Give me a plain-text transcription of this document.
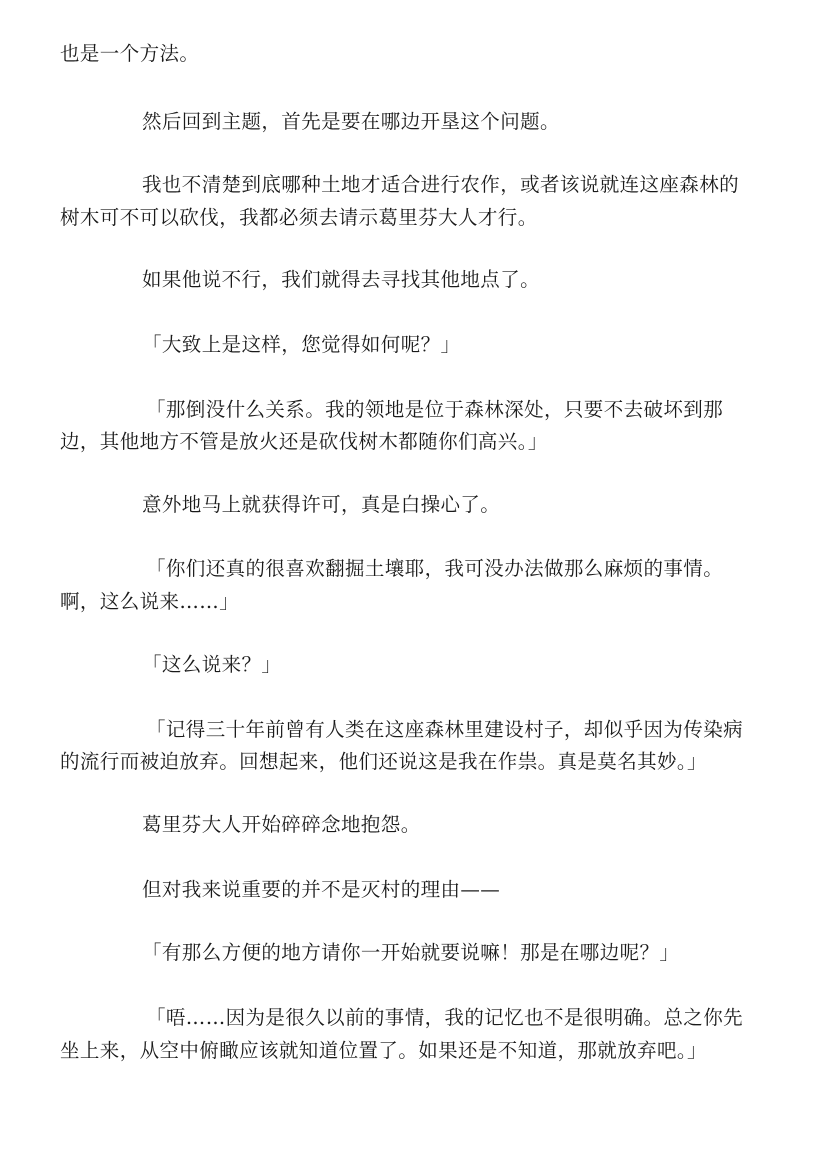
也是一个方法。
然后回到主题，首先是要在哪边开垦这个问题。
我也不清楚到底哪种土地才适合进行农作，或者该说就连这座森林的
树木可不可以砍伐，我都必须去请示葛里芬大人才行。
如果他说不行，我们就得去寻找其他地点了。
「大致上是这样，您觉得如何呢？」
「那倒没什么关系。我的领地是位于森林深处，只要不去破坏到那
边，其他地方不管是放火还是砍伐树木都随你们高兴。」
意外地马上就获得许可，真是白操心了。
「你们还真的很喜欢翻掘土壤耶，我可没办法做那么麻烦的事情。
啊，这么说来……」
「这么说来？」
「记得三十年前曾有人类在这座森林里建设村子，却似乎因为传染病
的流行而被迫放弃。回想起来，他们还说这是我在作祟。真是莫名其妙。」
葛里芬大人开始碎碎念地抱怨。
但对我来说重要的并不是灭村的理由——
「有那么方便的地方请你一开始就要说嘛！那是在哪边呢？」
「唔……因为是很久以前的事情，我的记忆也不是很明确。总之你先
坐上来，从空中俯瞰应该就知道位置了。如果还是不知道，那就放弃吧。」
